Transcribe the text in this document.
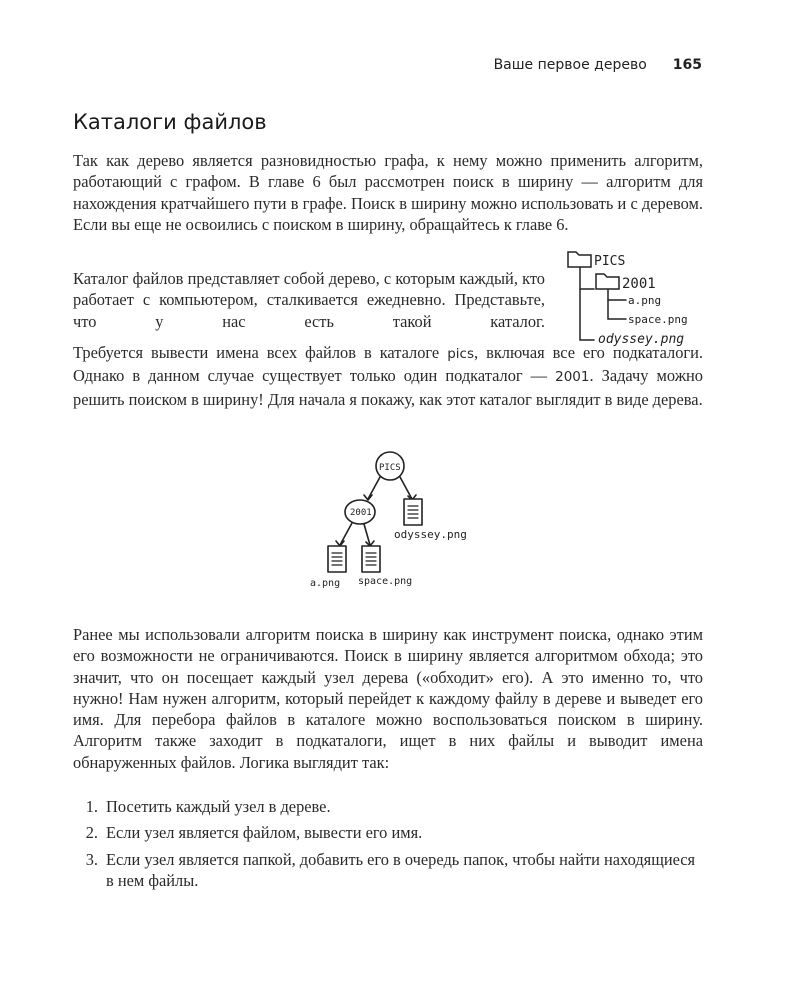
Ваше первое дерево 165
Каталоги файлов

Так как дерево является разновидностью графа, к нему можно применить алгоритм, работающий с графом. В главе 6 был рассмотрен поиск в ширину — алгоритм для нахождения кратчайшего пути в графе. Поиск в ширину можно использовать и с деревом. Если вы еще не освоились с поиском в ширину, обращайтесь к главе 6.

Каталог файлов представляет собой дерево, с которым каждый, кто работает с компьютером, сталкивается ежедневно. Представьте, что у нас есть такой каталог.

PICS
2001
a.png
space.png
odyssey.png

Требуется вывести имена всех файлов в каталоге pics, включая все его подкаталоги. Однако в данном случае существует только один подкаталог — 2001. Задачу можно решить поиском в ширину! Для начала я покажу, как этот каталог выглядит в виде дерева.

PICS
2001
odyssey.png
a.png space.png

Ранее мы использовали алгоритм поиска в ширину как инструмент поиска, однако этим его возможности не ограничиваются. Поиск в ширину является алгоритмом обхода; это значит, что он посещает каждый узел дерева («обходит» его). А это именно то, что нужно! Нам нужен алгоритм, который перейдет к каждому файлу в дереве и выведет его имя. Для перебора файлов в каталоге можно воспользоваться поиском в ширину. Алгоритм также заходит в подкаталоги, ищет в них файлы и выводит имена обнаруженных файлов. Логика выглядит так:

1. Посетить каждый узел в дереве.
2. Если узел является файлом, вывести его имя.
3. Если узел является папкой, добавить его в очередь папок, чтобы найти находящиеся в нем файлы.
